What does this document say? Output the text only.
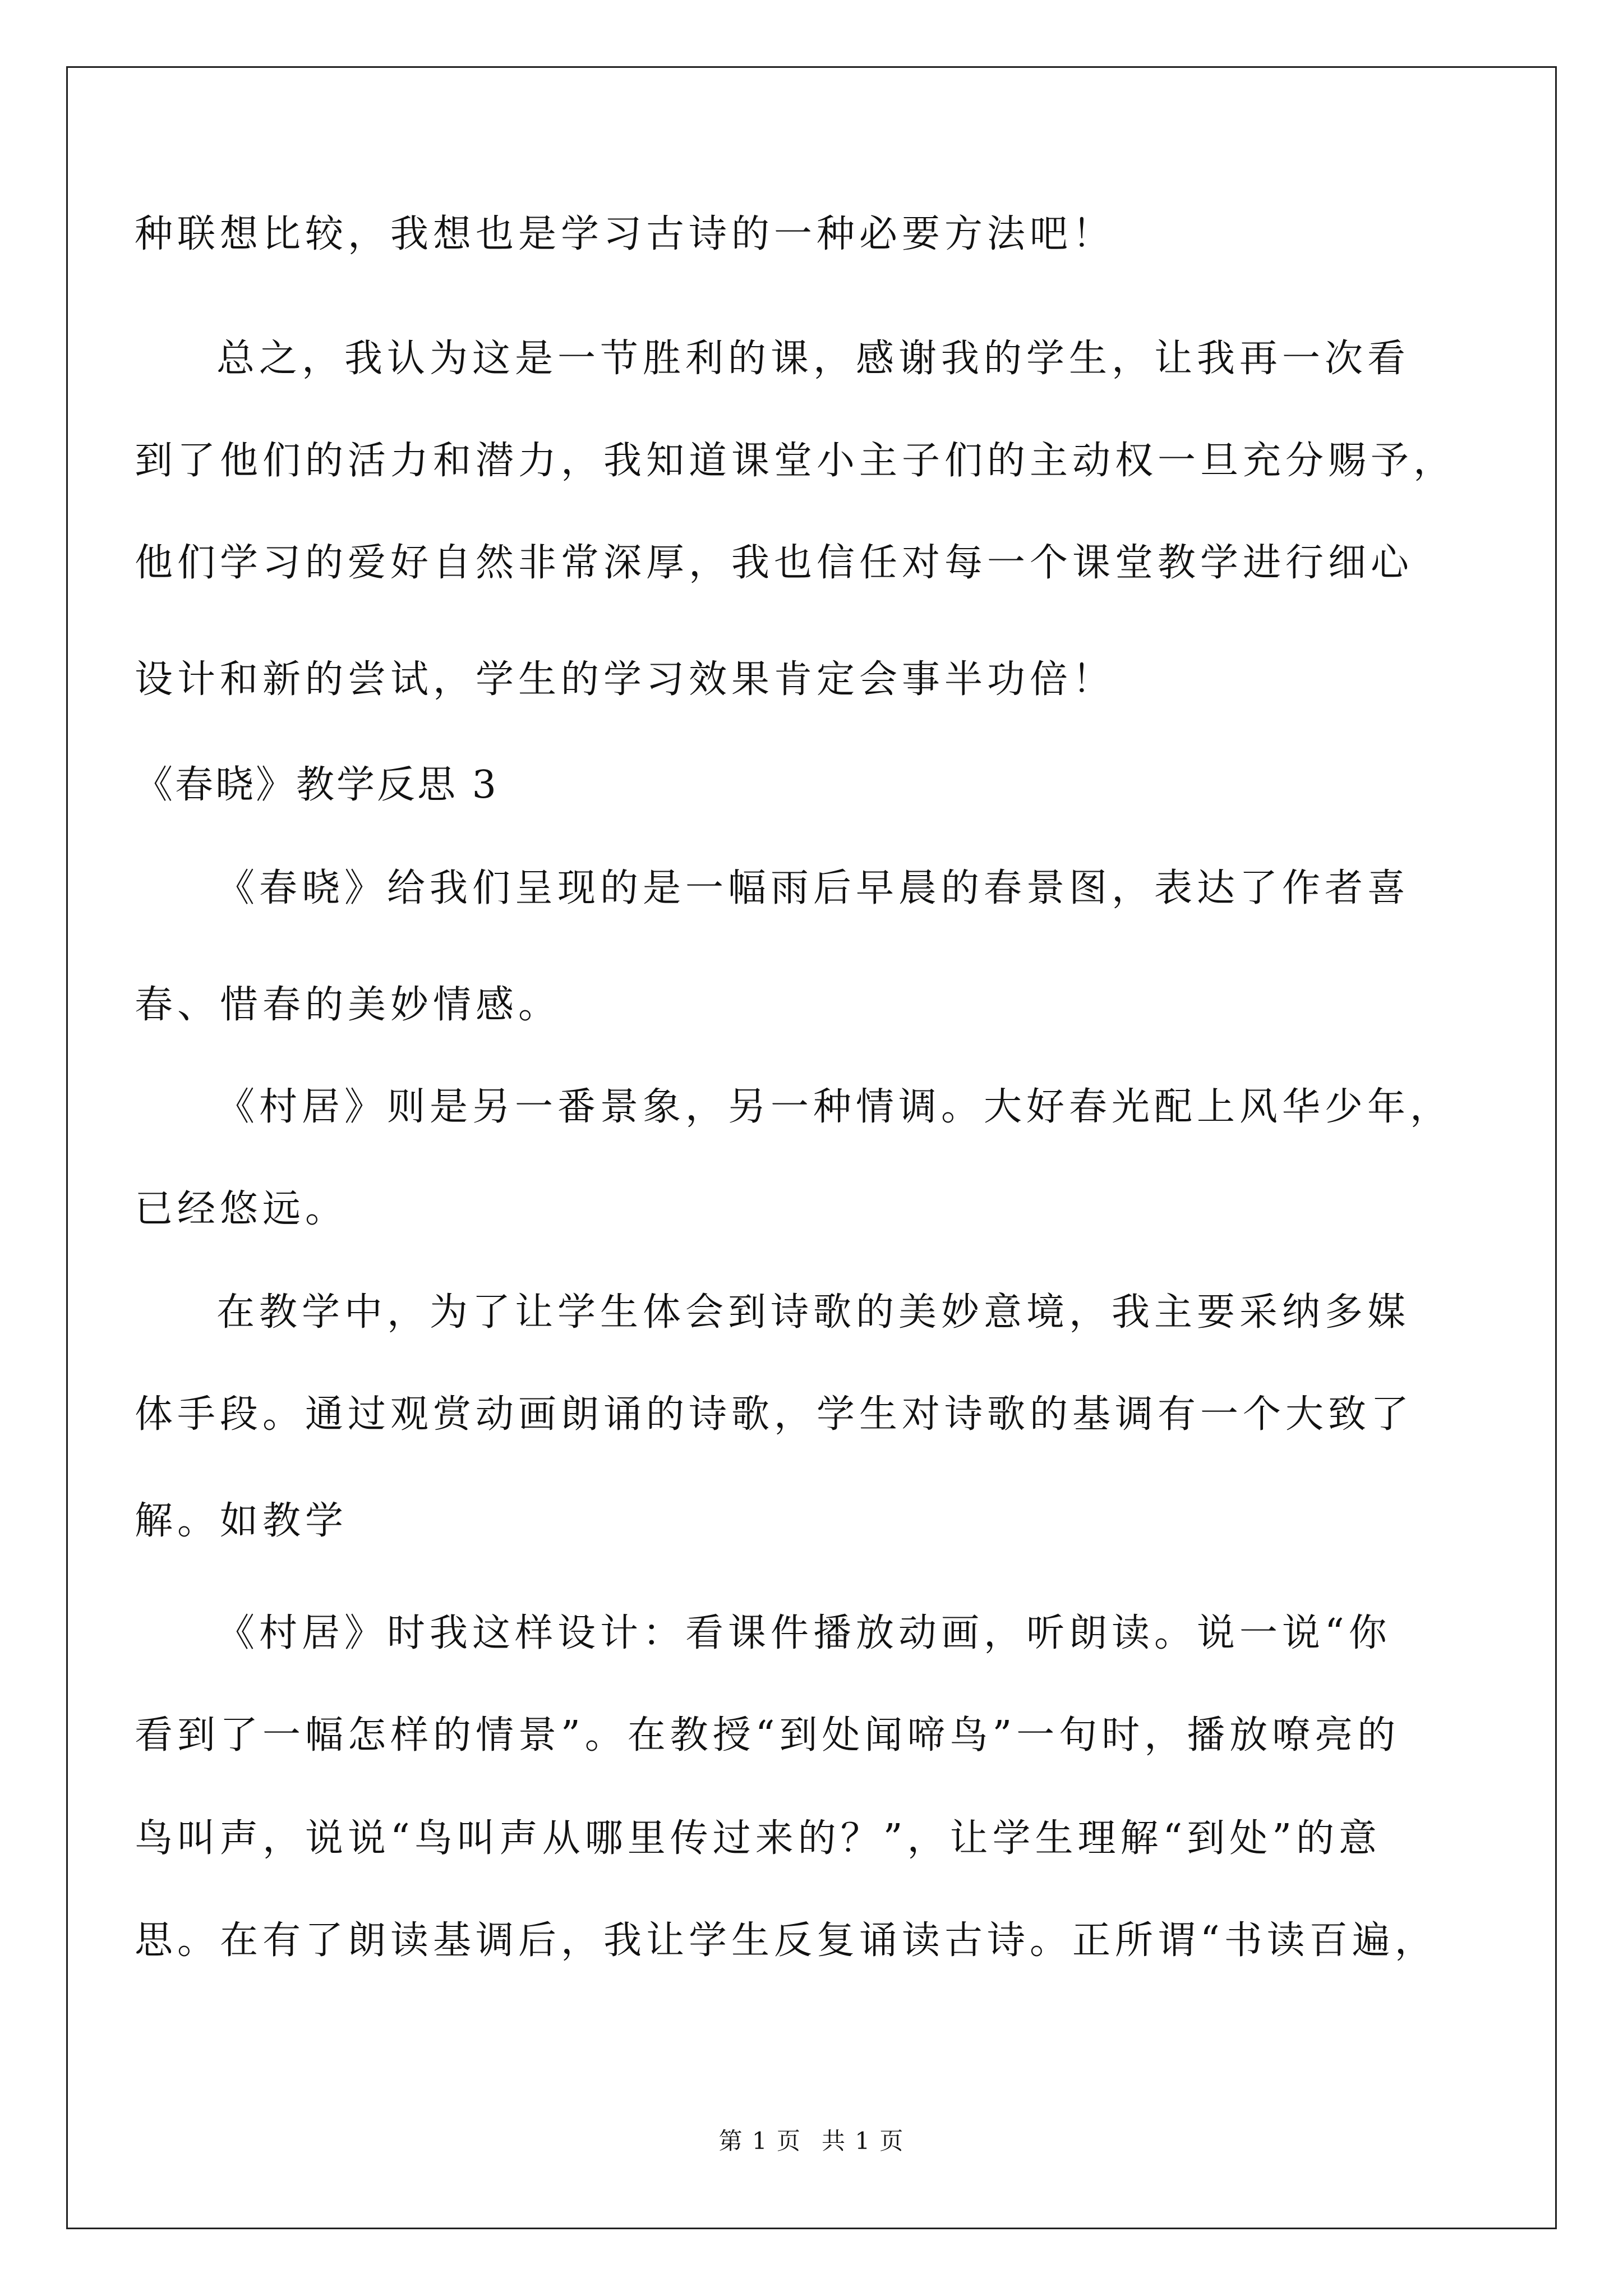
种联想比较，我想也是学习古诗的一种必要方法吧！
总之，我认为这是一节胜利的课，感谢我的学生，让我再一次看
到了他们的活力和潜力，我知道课堂小主子们的主动权一旦充分赐予，
他们学习的爱好自然非常深厚，我也信任对每一个课堂教学进行细心
设计和新的尝试，学生的学习效果肯定会事半功倍！
《春晓》教学反思 3
《春晓》给我们呈现的是一幅雨后早晨的春景图，表达了作者喜
春、惜春的美妙情感。
《村居》则是另一番景象，另一种情调。大好春光配上风华少年，
已经悠远。
在教学中，为了让学生体会到诗歌的美妙意境，我主要采纳多媒
体手段。通过观赏动画朗诵的诗歌，学生对诗歌的基调有一个大致了
解。如教学
《村居》时我这样设计：看课件播放动画，听朗读。说一说“你
看到了一幅怎样的情景”。在教授“到处闻啼鸟”一句时，播放嘹亮的
鸟叫声，说说“鸟叫声从哪里传过来的？”，让学生理解“到处”的意
思。在有了朗读基调后，我让学生反复诵读古诗。正所谓“书读百遍，
第 1 页 共 1 页
